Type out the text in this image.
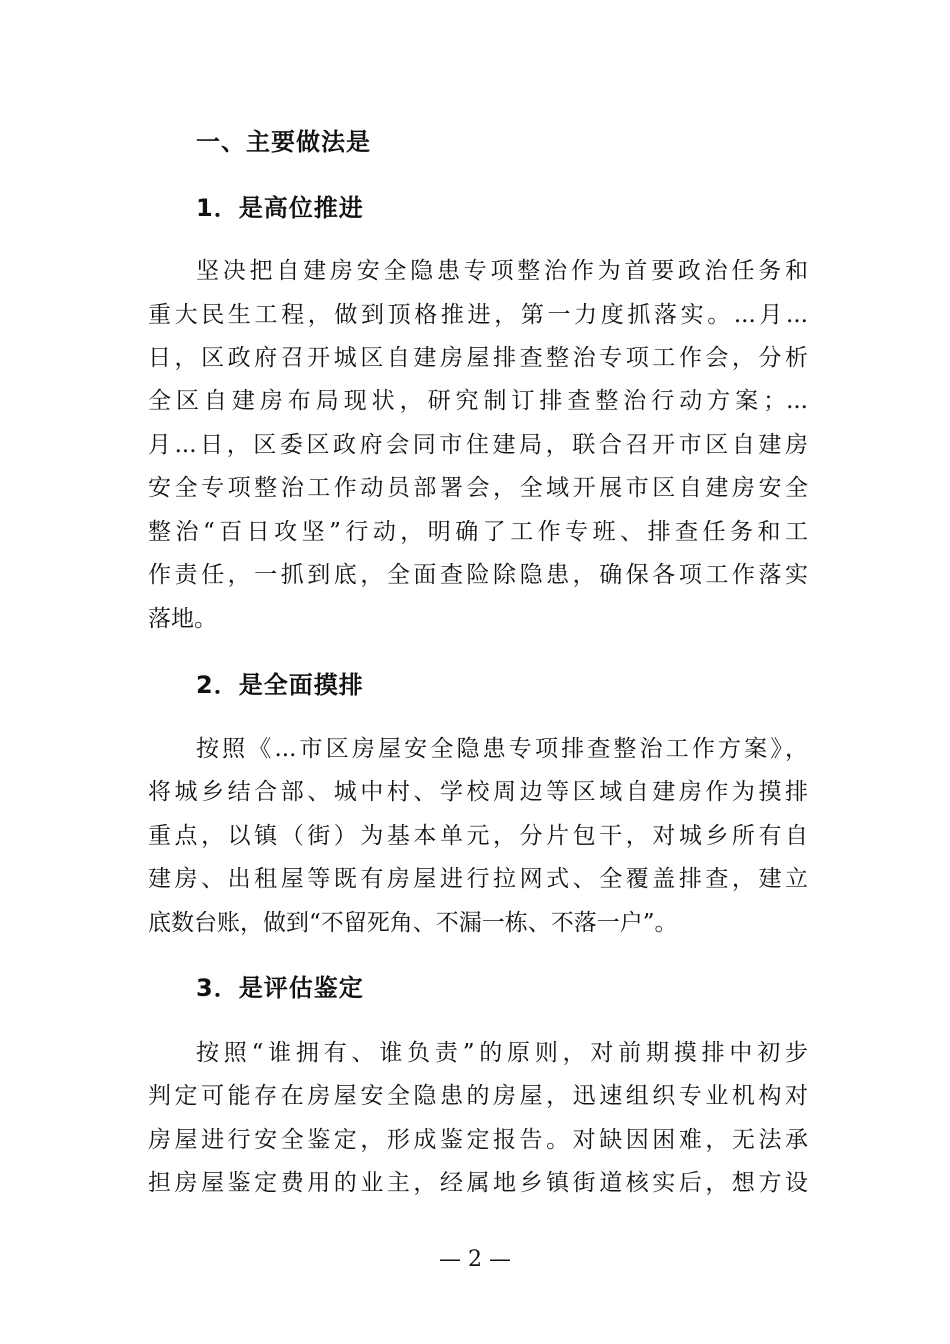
一、主要做法是
1．是高位推进
坚决把自建房安全隐患专项整治作为首要政治任务和
重大民生工程，做到顶格推进，第一力度抓落实。...月...
日，区政府召开城区自建房屋排查整治专项工作会，分析
全区自建房布局现状，研究制订排查整治行动方案；...
月...日，区委区政府会同市住建局，联合召开市区自建房
安全专项整治工作动员部署会，全域开展市区自建房安全
整治“百日攻坚”行动，明确了工作专班、排查任务和工
作责任，一抓到底，全面查险除隐患，确保各项工作落实
落地。
2．是全面摸排
按照《...市区房屋安全隐患专项排查整治工作方案》，
将城乡结合部、城中村、学校周边等区域自建房作为摸排
重点，以镇（街）为基本单元，分片包干，对城乡所有自
建房、出租屋等既有房屋进行拉网式、全覆盖排查，建立
底数台账，做到“不留死角、不漏一栋、不落一户”。
3．是评估鉴定
按照“谁拥有、谁负责”的原则，对前期摸排中初步
判定可能存在房屋安全隐患的房屋，迅速组织专业机构对
房屋进行安全鉴定，形成鉴定报告。对缺因困难，无法承
担房屋鉴定费用的业主，经属地乡镇街道核实后，想方设
— 2 —
